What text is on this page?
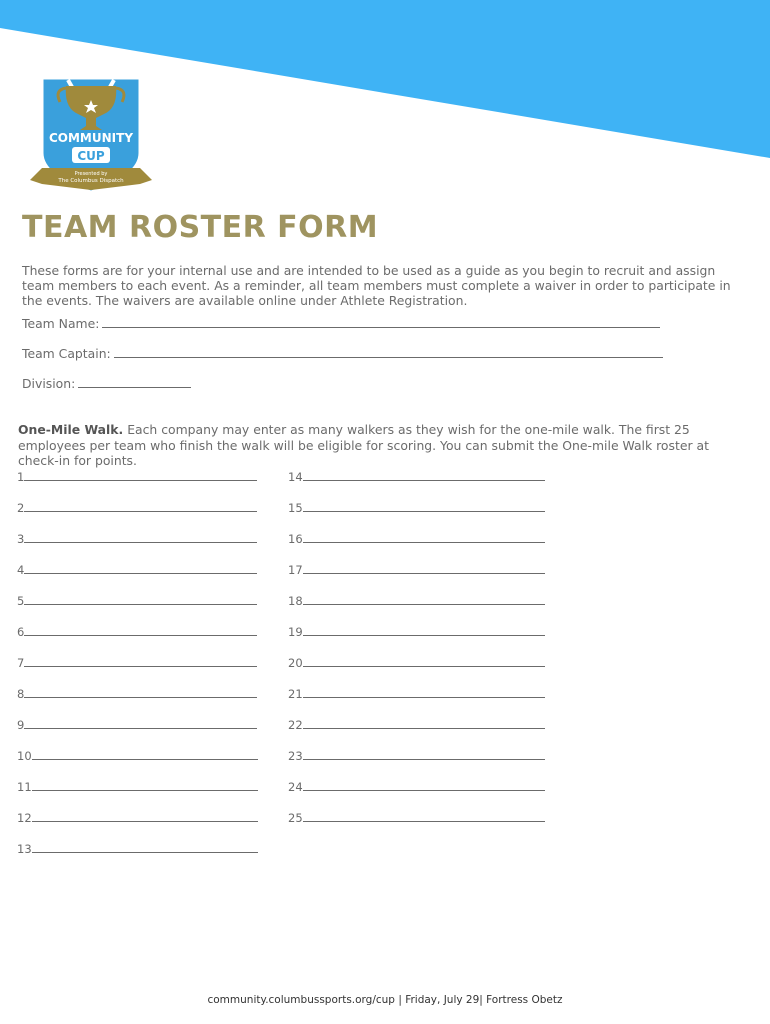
COMMUNITY
CUP
Presented by
The Columbus Dispatch
TEAM ROSTER FORM

These forms are for your internal use and are intended to be used as a guide as you begin to recruit and assign team members to each event. As a reminder, all team members must complete a waiver in order to participate in the events. The waivers are available online under Athlete Registration.

Team Name:
Team Captain:
Division:

One-Mile Walk. Each company may enter as many walkers as they wish for the one-mile walk. The first 25 employees per team who finish the walk will be eligible for scoring. You can submit the One-mile Walk roster at check-in for points.

1
2
3
4
5
6
7
8
9
10
11
12
13
14
15
16
17
18
19
20
21
22
23
24
25
community.columbussports.org/cup | Friday, July 29| Fortress Obetz
